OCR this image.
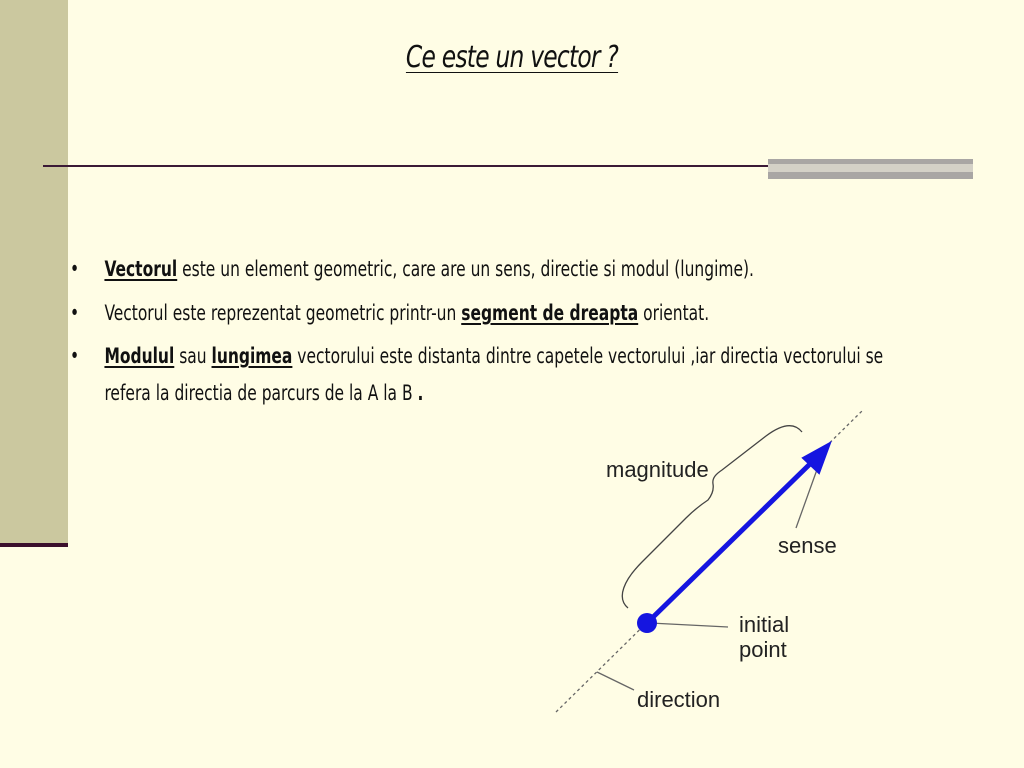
Ce este un vector ?
• Vectorul este un element geometric, care are un sens, directie si modul (lungime).
• Vectorul este reprezentat geometric printr-un segment de dreapta orientat.
• Modulul sau lungimea vectorului este distanta dintre capetele vectorului ,iar directia vectorului se refera la directia de parcurs de la A la B .
magnitude
sense
initial
point
direction
